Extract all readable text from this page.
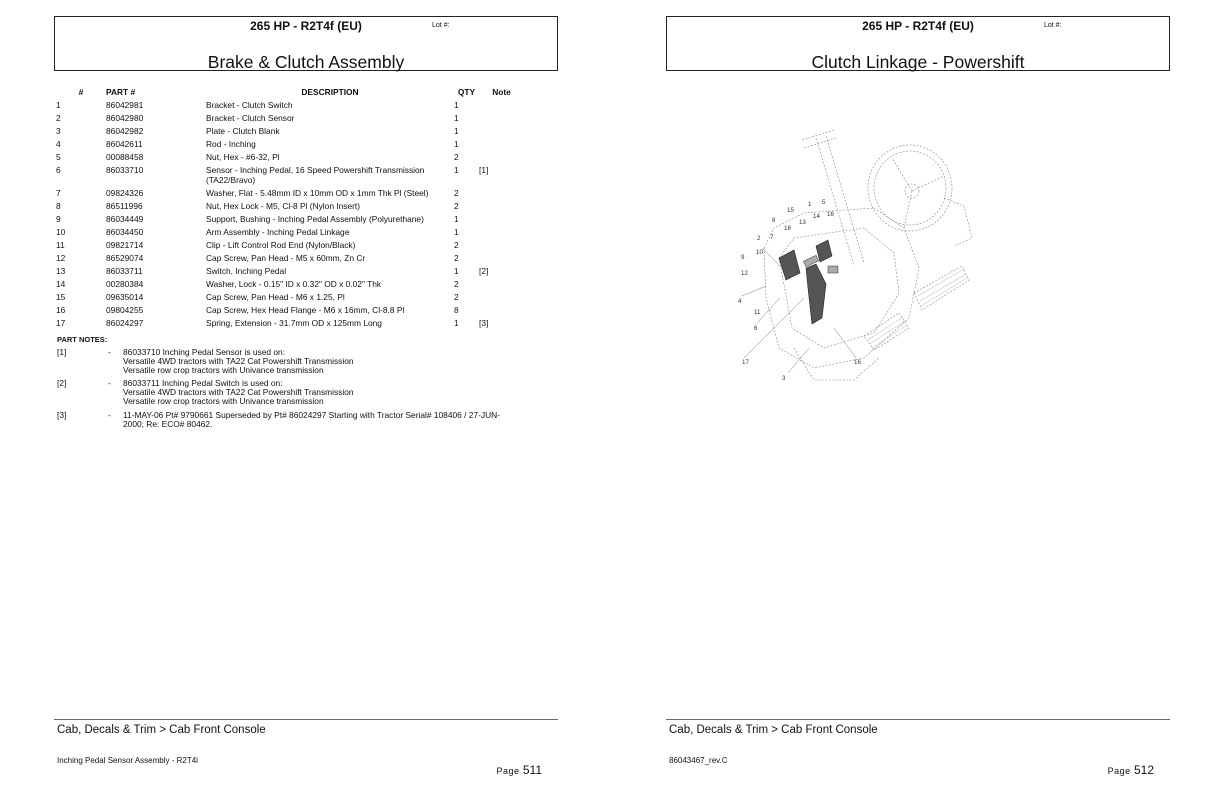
265 HP - R2T4f (EU)	Lot #:
Brake & Clutch Assembly
#	PART #	DESCRIPTION	QTY	Note
1	86042981	Bracket - Clutch Switch	1	
2	86042980	Bracket - Clutch Sensor	1	
3	86042982	Plate - Clutch Blank	1	
4	86042611	Rod - Inching	1	
5	00088458	Nut, Hex - #6-32, Pl	2	
6	86033710	Sensor - Inching Pedal, 16 Speed Powershift Transmission (TA22/Bravo)	1	[1]
7	09824326	Washer, Flat - 5.48mm ID x 10mm OD x 1mm Thk Pl (Steel)	2	
8	86511996	Nut, Hex Lock - M5, Cl-8 Pl (Nylon Insert)	2	
9	86034449	Support, Bushing - Inching Pedal Assembly (Polyurethane)	1	
10	86034450	Arm Assembly - Inching Pedal Linkage	1	
11	09821714	Clip - Lift Control Rod End (Nylon/Black)	2	
12	86529074	Cap Screw, Pan Head - M5 x 60mm, Zn Cr	2	
13	86033711	Switch, Inching Pedal	1	[2]
14	00280384	Washer, Lock - 0.15" ID x 0.32" OD x 0.02" Thk	2	
15	09635014	Cap Screw, Pan Head - M6 x 1.25, Pl	2	
16	09804255	Cap Screw, Hex Head Flange - M6 x 16mm, Cl-8.8 Pl	8	
17	86024297	Spring, Extension - 31.7mm OD x 125mm Long	1	[3]
PART NOTES:
[1]	- 86033710 Inching Pedal Sensor is used on:
Versatile 4WD tractors with TA22 Cat Powershift Transmission
Versatile row crop tractors with Univance transmission
[2]	- 86033711 Inching Pedal Switch is used on:
Versatile 4WD tractors with TA22 Cat Powershift Transmission
Versatile row crop tractors with Univance transmission
[3]	- 11-MAY-06 Pt# 9790661 Superseded by Pt# 86024297 Starting with Tractor Serial# 108406 / 27-JUN-
2000; Re: ECO# 80462.
Cab, Decals & Trim > Cab Front Console
Inching Pedal Sensor Assembly - R2T4i
Page 511
265 HP - R2T4f (EU)	Lot #:
Clutch Linkage - Powershift
1 5
15
14 16
8	13
16
2 7
10
9
12
4
11
6
17
3
16
Cab, Decals & Trim > Cab Front Console
86043467_rev.C
Page 512
